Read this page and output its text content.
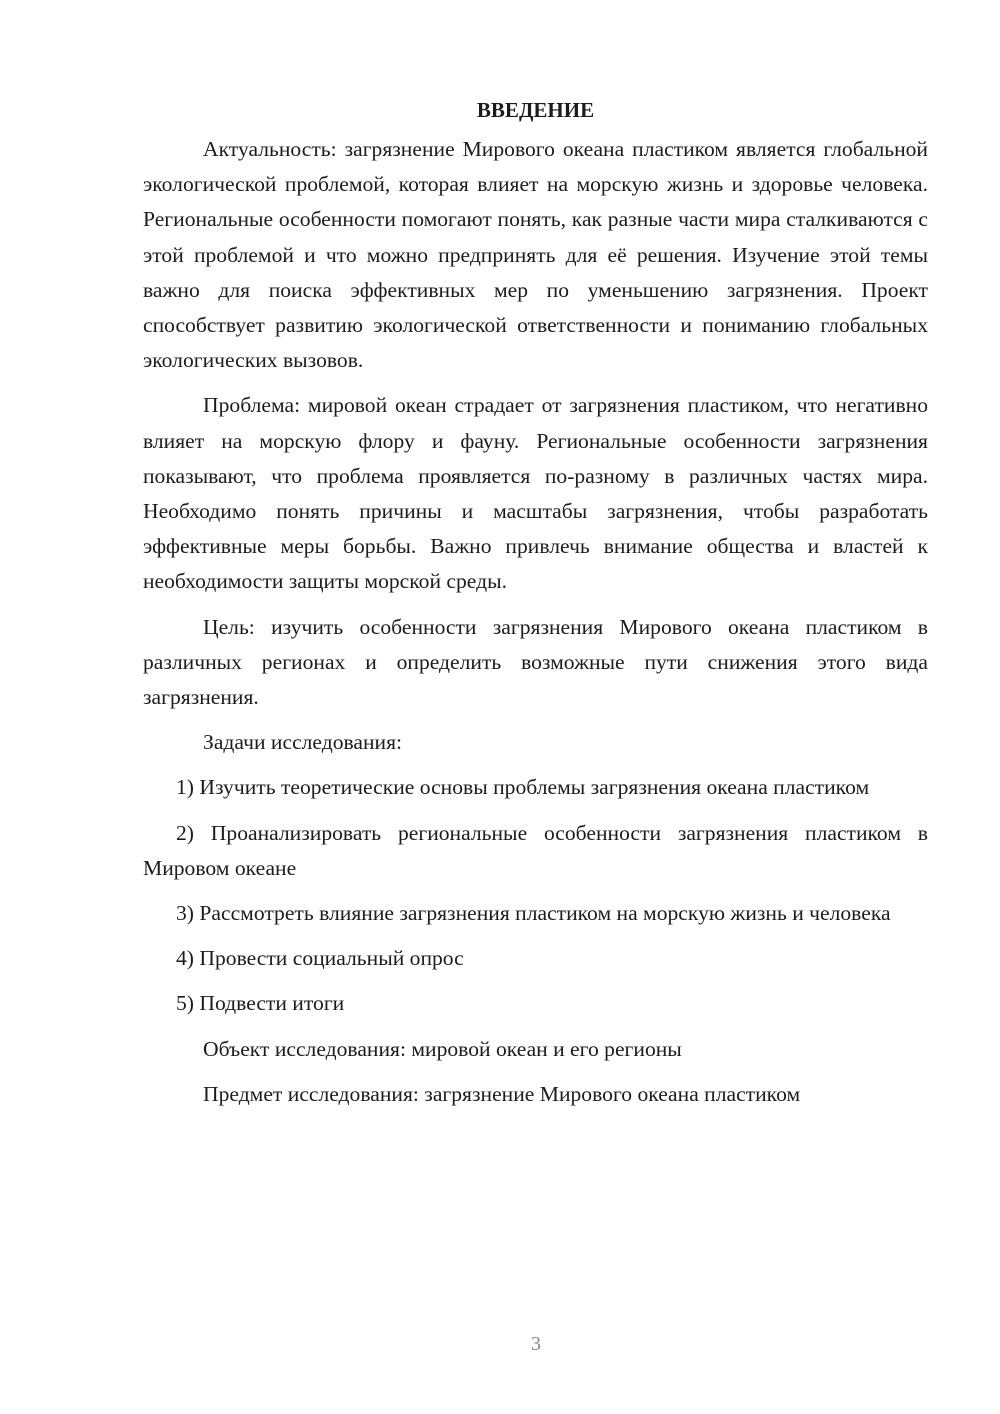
ВВЕДЕНИЕ

Актуальность: загрязнение Мирового океана пластиком является глобальной экологической проблемой, которая влияет на морскую жизнь и здоровье человека. Региональные особенности помогают понять, как разные части мира сталкиваются с этой проблемой и что можно предпринять для её решения. Изучение этой темы важно для поиска эффективных мер по уменьшению загрязнения. Проект способствует развитию экологической ответственности и пониманию глобальных экологических вызовов.

Проблема: мировой океан страдает от загрязнения пластиком, что негативно влияет на морскую флору и фауну. Региональные особенности загрязнения показывают, что проблема проявляется по-разному в различных частях мира. Необходимо понять причины и масштабы загрязнения, чтобы разработать эффективные меры борьбы. Важно привлечь внимание общества и властей к необходимости защиты морской среды.

Цель: изучить особенности загрязнения Мирового океана пластиком в различных регионах и определить возможные пути снижения этого вида загрязнения.

Задачи исследования:

1) Изучить теоретические основы проблемы загрязнения океана пластиком

2) Проанализировать региональные особенности загрязнения пластиком в Мировом океане

3) Рассмотреть влияние загрязнения пластиком на морскую жизнь и человека

4) Провести социальный опрос

5) Подвести итоги

Объект исследования: мировой океан и его регионы

Предмет исследования: загрязнение Мирового океана пластиком

3
